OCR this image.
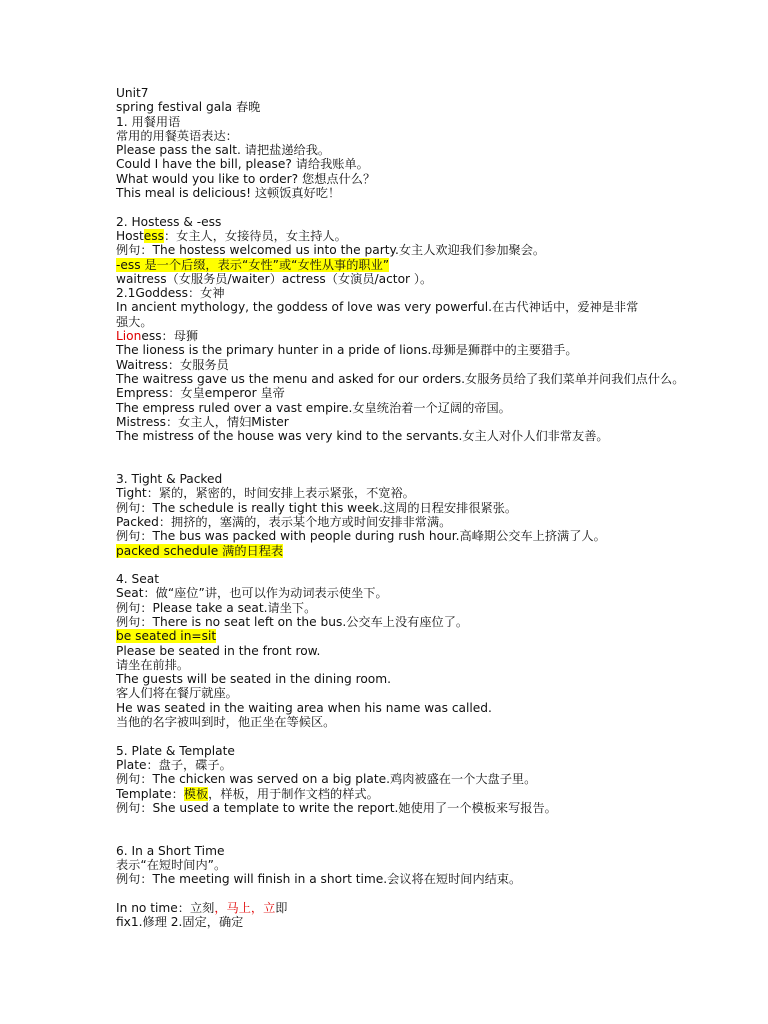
Unit7
spring festival gala 春晚
1. 用餐用语
常用的用餐英语表达：
Please pass the salt. 请把盐递给我。
Could I have the bill, please? 请给我账单。
What would you like to order? 您想点什么？
This meal is delicious! 这顿饭真好吃！
2. Hostess & -ess
Hostess：女主人，女接待员，女主持人。
例句：The hostess welcomed us into the party.女主人欢迎我们参加聚会。
-ess 是一个后缀，表示“女性”或“女性从事的职业”
waitress（女服务员/waiter）actress（女演员/actor ）。
2.1Goddess：女神
In ancient mythology, the goddess of love was very powerful.在古代神话中，爱神是非常
强大。
Lioness：母狮
The lioness is the primary hunter in a pride of lions.母狮是狮群中的主要猎手。
Waitress：女服务员
The waitress gave us the menu and asked for our orders.女服务员给了我们菜单并问我们点什么。
Empress：女皇emperor 皇帝
The empress ruled over a vast empire.女皇统治着一个辽阔的帝国。
Mistress：女主人，情妇Mister
The mistress of the house was very kind to the servants.女主人对仆人们非常友善。
3. Tight & Packed
Tight：紧的，紧密的，时间安排上表示紧张，不宽裕。
例句：The schedule is really tight this week.这周的日程安排很紧张。
Packed：拥挤的，塞满的，表示某个地方或时间安排非常满。
例句：The bus was packed with people during rush hour.高峰期公交车上挤满了人。
packed schedule 满的日程表
4. Seat
Seat：做“座位”讲，也可以作为动词表示使坐下。
例句：Please take a seat.请坐下。
例句：There is no seat left on the bus.公交车上没有座位了。
be seated in=sit
Please be seated in the front row.
请坐在前排。
The guests will be seated in the dining room.
客人们将在餐厅就座。
He was seated in the waiting area when his name was called.
当他的名字被叫到时，他正坐在等候区。
5. Plate & Template
Plate：盘子，碟子。
例句：The chicken was served on a big plate.鸡肉被盛在一个大盘子里。
Template：模板，样板，用于制作文档的样式。
例句：She used a template to write the report.她使用了一个模板来写报告。
6. In a Short Time
表示“在短时间内”。
例句：The meeting will finish in a short time.会议将在短时间内结束。
In no time：立刻，马上，立即
fix1.修理 2.固定，确定
